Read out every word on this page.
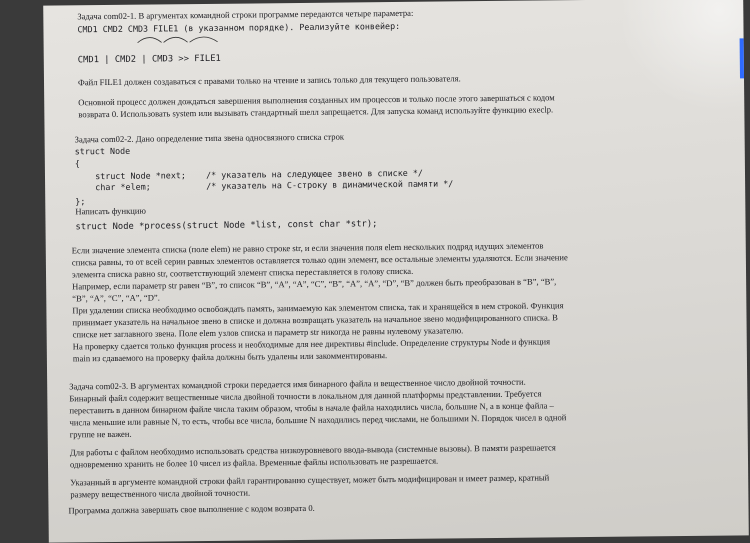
Задача com02-1. В аргументах командной строки программе передаются четыре параметра:
CMD1 CMD2 CMD3 FILE1 (в указанном порядке). Реализуйте конвейер:
CMD1 | CMD2 | CMD3 >> FILE1
Файл FILE1 должен создаваться с правами только на чтение и запись только для текущего пользователя.
Основной процесс должен дождаться завершения выполнения созданных им процессов и только после этого завершаться с кодом
возврата 0. Использовать system или вызывать стандартный шелл запрещается. Для запуска команд используйте функцию execlp.
Задача com02-2. Дано определение типа звена односвязного списка строк
struct Node
{
struct Node *next;    /* указатель на следующее звено в списке */
char *elem;           /* указатель на С-строку в динамической памяти */
};
Написать функцию
struct Node *process(struct Node *list, const char *str);
Если значение элемента списка (поле elem) не равно строке str, и если значения поля elem нескольких подряд идущих элементов
списка равны, то от всей серии равных элементов оставляется только один элемент, все остальные элементы удаляются. Если значение
элемента списка равно str, соответствующий элемент списка переставляется в голову списка.
Например, если параметр str равен “B”, то список “B”, “A”, “A”, “C”, “B”, “A”, “A”, “D”, “B” должен быть преобразован в “B”, “B”,
“B”, “A”, “C”, “A”, “D”.
При удалении списка необходимо освобождать память, занимаемую как элементом списка, так и хранящейся в нем строкой. Функция
принимает указатель на начальное звено в списке и должна возвращать указатель на начальное звено модифицированного списка. В
списке нет заглавного звена. Поле elem узлов списка и параметр str никогда не равны нулевому указателю.
На проверку сдается только функция process и необходимые для нее директивы #include. Определение структуры Node и функция
main из сдаваемого на проверку файла должны быть удалены или закомментированы.
Задача com02-3. В аргументах командной строки передается имя бинарного файла и вещественное число двойной точности.
Бинарный файл содержит вещественные числа двойной точности в локальном для данной платформы представлении. Требуется
переставить в данном бинарном файле числа таким образом, чтобы в начале файла находились числа, большие N, а в конце файла –
числа меньшие или равные N, то есть, чтобы все числа, большие N находились перед числами, не большими N. Порядок чисел в одной
группе не важен.
Для работы с файлом необходимо использовать средства низкоуровневого ввода-вывода (системные вызовы). В памяти разрешается
одновременно хранить не более 10 чисел из файла. Временные файлы использовать не разрешается.
Указанный в аргументе командной строки файл гарантированно существует, может быть модифицирован и имеет размер, кратный
размеру вещественного числа двойной точности.
Программа должна завершать свое выполнение с кодом возврата 0.
